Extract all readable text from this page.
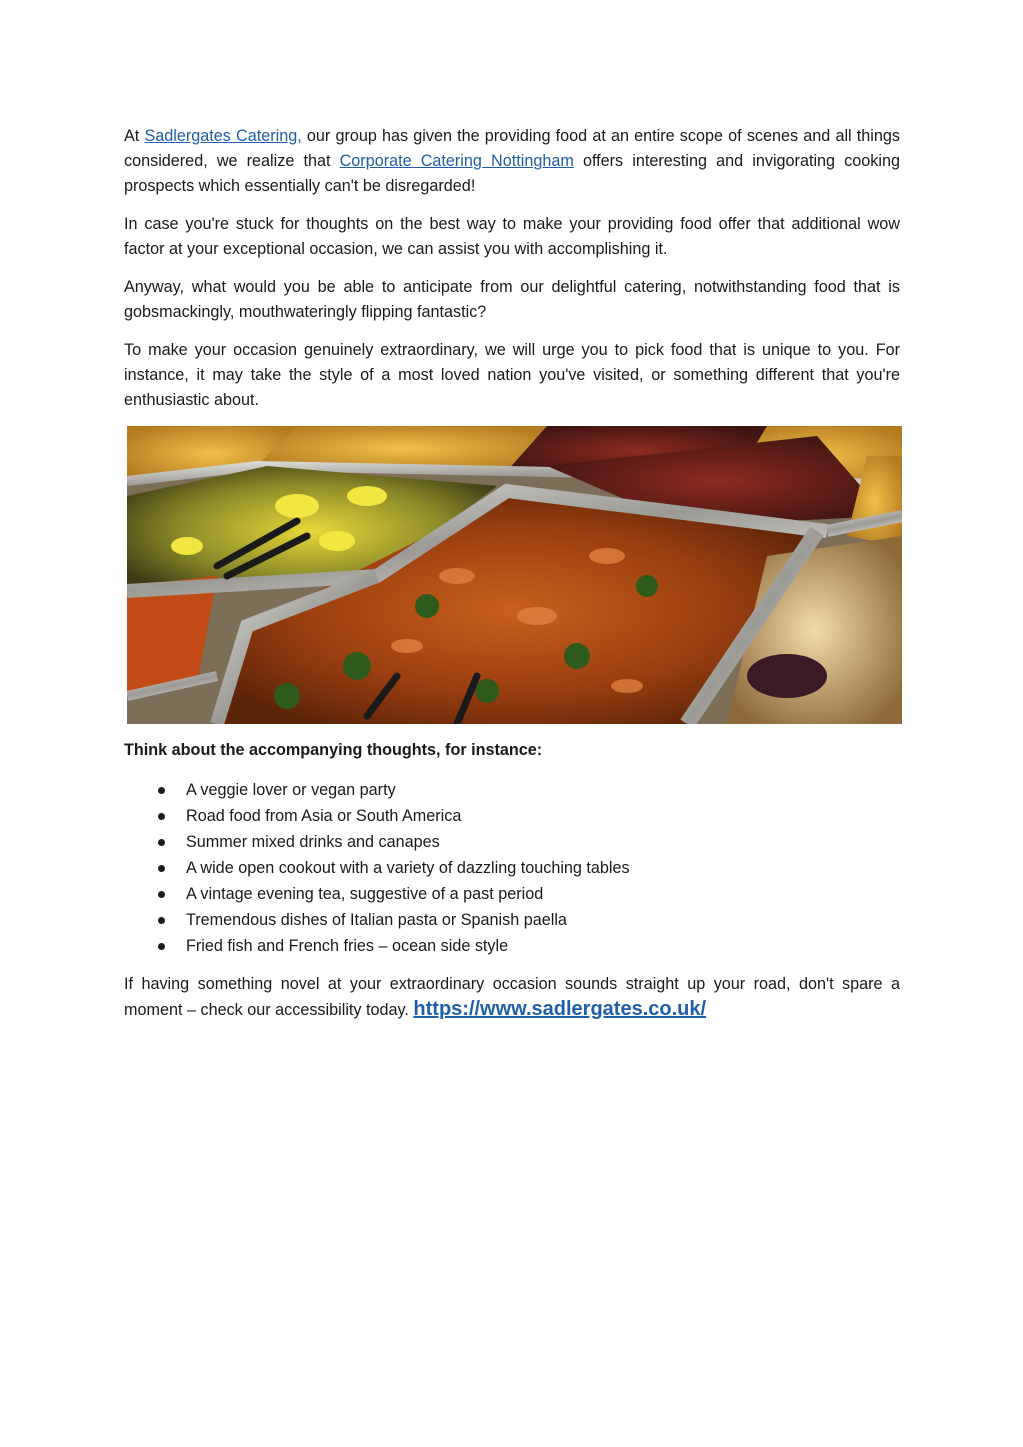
At Sadlergates Catering, our group has given the providing food at an entire scope of scenes and all things considered, we realize that Corporate Catering Nottingham offers interesting and invigorating cooking prospects which essentially can't be disregarded!

In case you're stuck for thoughts on the best way to make your providing food offer that additional wow factor at your exceptional occasion, we can assist you with accomplishing it.

Anyway, what would you be able to anticipate from our delightful catering, notwithstanding food that is gobsmackingly, mouthwateringly flipping fantastic?

To make your occasion genuinely extraordinary, we will urge you to pick food that is unique to you. For instance, it may take the style of a most loved nation you've visited, or something different that you're enthusiastic about.

Think about the accompanying thoughts, for instance:
A veggie lover or vegan party
Road food from Asia or South America
Summer mixed drinks and canapes
A wide open cookout with a variety of dazzling touching tables
A vintage evening tea, suggestive of a past period
Tremendous dishes of Italian pasta or Spanish paella
Fried fish and French fries – ocean side style

If having something novel at your extraordinary occasion sounds straight up your road, don't spare a moment – check our accessibility today. https://www.sadlergates.co.uk/
